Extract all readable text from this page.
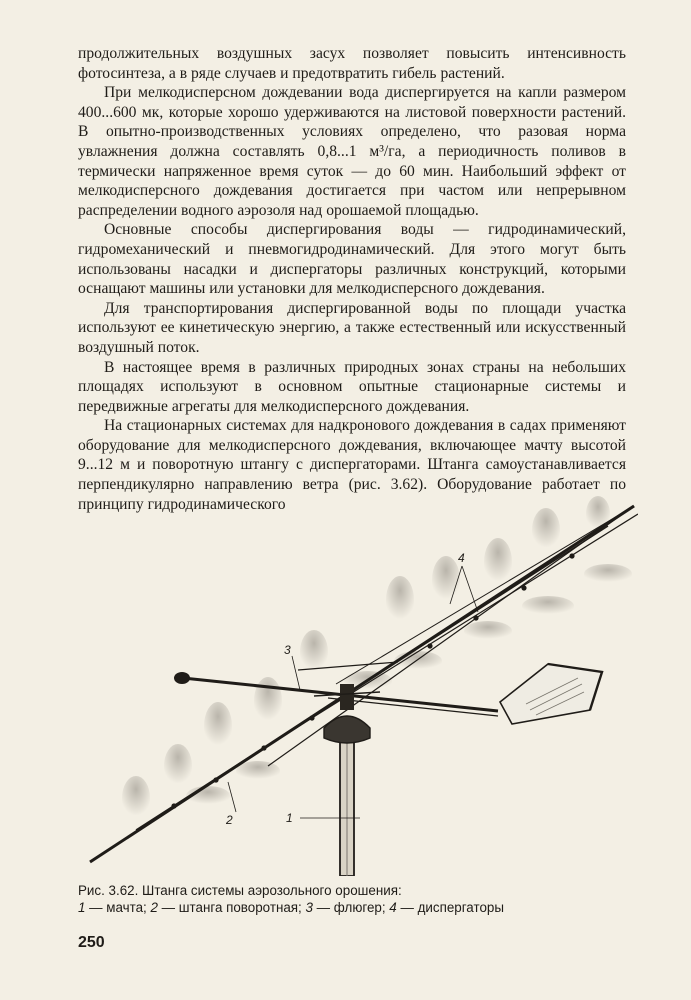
продолжительных воздушных засух позволяет повысить интенсивность фотосинтеза, а в ряде случаев и предотвратить гибель растений.

При мелкодисперсном дождевании вода диспергируется на капли размером 400...600 мк, которые хорошо удерживаются на листовой поверхности растений. В опытно-производственных условиях определено, что разовая норма увлажнения должна составлять 0,8...1 м³/га, а периодичность поливов в термически напряженное время суток — до 60 мин. Наибольший эффект от мелкодисперсного дождевания достигается при частом или непрерывном распределении водного аэрозоля над орошаемой площадью.

Основные способы диспергирования воды — гидродинамический, гидромеханический и пневмогидродинамический. Для этого могут быть использованы насадки и диспергаторы различных конструкций, которыми оснащают машины или установки для мелкодисперсного дождевания.

Для транспортирования диспергированной воды по площади участка используют ее кинетическую энергию, а также естественный или искусственный воздушный поток.

В настоящее время в различных природных зонах страны на небольших площадях используют в основном опытные стационарные системы и передвижные агрегаты для мелкодисперсного дождевания.

На стационарных системах для надкронового дождевания в садах применяют оборудование для мелкодисперсного дождевания, включающее мачту высотой 9...12 м и поворотную штангу с диспергаторами. Штанга самоустанавливается перпендикулярно направлению ветра (рис. 3.62). Оборудование работает по принципу гидродинамического

1
2
3
4
Рис. 3.62. Штанга системы аэрозольного орошения:
1 — мачта; 2 — штанга поворотная; 3 — флюгер; 4 — диспергаторы
250
